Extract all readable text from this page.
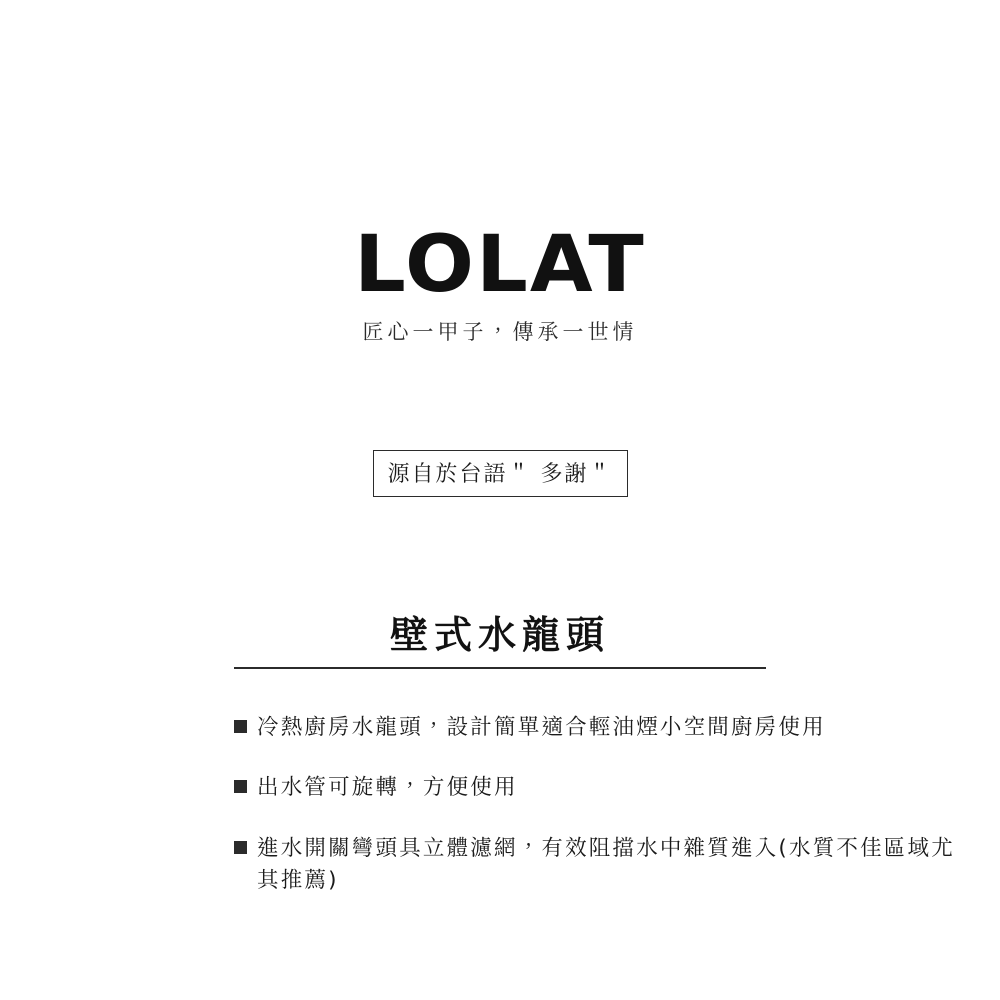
LOLAT
匠心一甲子，傳承一世情
源自於台語＂ 多謝＂
壁式水龍頭
冷熱廚房水龍頭，設計簡單適合輕油煙小空間廚房使用
出水管可旋轉，方便使用
進水開關彎頭具立體濾網，有效阻擋水中雜質進入(水質不佳區域尤其推薦)
